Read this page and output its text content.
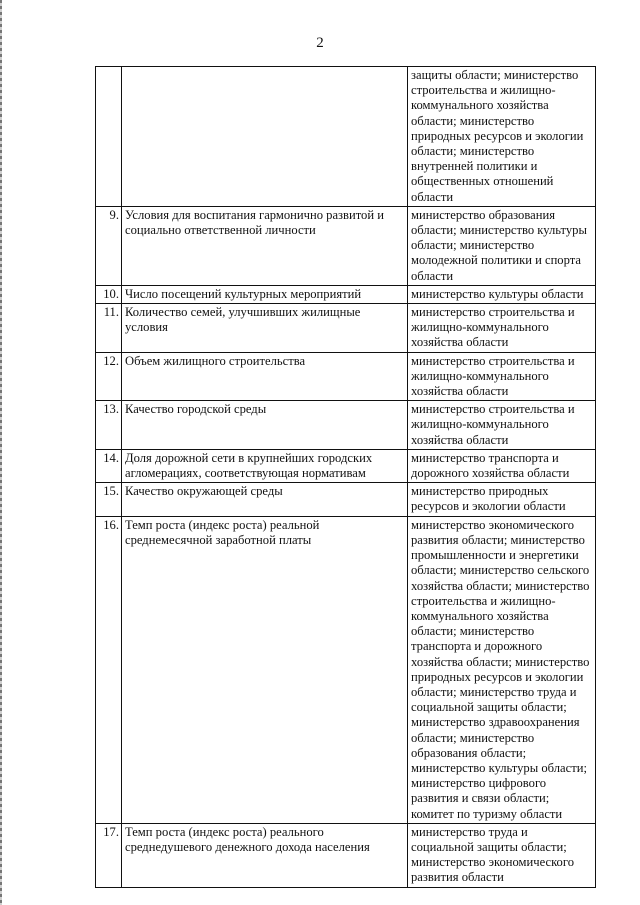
2
		защиты области; министерство строительства и жилищно-коммунального хозяйства области; министерство природных ресурсов и экологии области; министерство внутренней политики и общественных отношений области
9.	Условия для воспитания гармонично развитой и социально ответственной личности	министерство образования области; министерство культуры области; министерство молодежной политики и спорта области
10.	Число посещений культурных мероприятий	министерство культуры области
11.	Количество семей, улучшивших жилищные условия	министерство строительства и жилищно-коммунального хозяйства области
12.	Объем жилищного строительства	министерство строительства и жилищно-коммунального хозяйства области
13.	Качество городской среды	министерство строительства и жилищно-коммунального хозяйства области
14.	Доля дорожной сети в крупнейших городских агломерациях, соответствующая нормативам	министерство транспорта и дорожного хозяйства области
15.	Качество окружающей среды	министерство природных ресурсов и экологии области
16.	Темп роста (индекс роста) реальной среднемесячной заработной платы	министерство экономического развития области; министерство промышленности и энергетики области; министерство сельского хозяйства области; министерство строительства и жилищно-коммунального хозяйства области; министерство транспорта и дорожного хозяйства области; министерство природных ресурсов и экологии области; министерство труда и социальной защиты области; министерство здравоохранения области; министерство образования области; министерство культуры области; министерство цифрового развития и связи области; комитет по туризму области
17.	Темп роста (индекс роста) реального среднедушевого денежного дохода населения	министерство труда и социальной защиты области; министерство экономического развития области
